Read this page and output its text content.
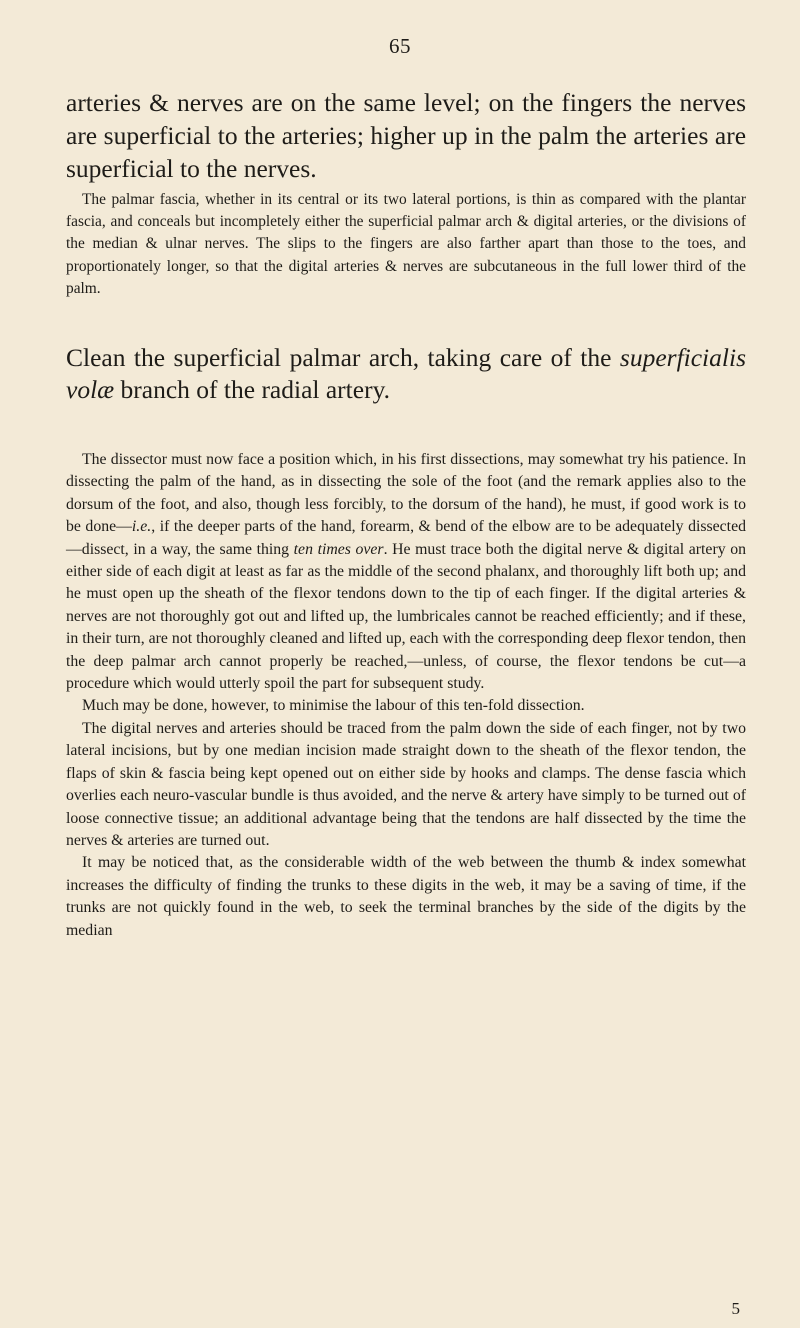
65
arteries & nerves are on the same level; on the fingers the nerves are superficial to the arteries; higher up in the palm the arteries are superficial to the nerves.

The palmar fascia, whether in its central or its two lateral portions, is thin as compared with the plantar fascia, and conceals but incompletely either the superficial palmar arch & digital arteries, or the divisions of the median & ulnar nerves. The slips to the fingers are also farther apart than those to the toes, and proportionately longer, so that the digital arteries & nerves are subcutaneous in the full lower third of the palm.

Clean the superficial palmar arch, taking care of the superficialis volæ branch of the radial artery.

The dissector must now face a position which, in his first dissections, may somewhat try his patience. In dissecting the palm of the hand, as in dissecting the sole of the foot (and the remark applies also to the dorsum of the foot, and also, though less forcibly, to the dorsum of the hand), he must, if good work is to be done—i.e., if the deeper parts of the hand, forearm, & bend of the elbow are to be adequately dissected—dissect, in a way, the same thing ten times over. He must trace both the digital nerve & digital artery on either side of each digit at least as far as the middle of the second phalanx, and thoroughly lift both up; and he must open up the sheath of the flexor tendons down to the tip of each finger. If the digital arteries & nerves are not thoroughly got out and lifted up, the lumbricales cannot be reached efficiently; and if these, in their turn, are not thoroughly cleaned and lifted up, each with the corresponding deep flexor tendon, then the deep palmar arch cannot properly be reached,—unless, of course, the flexor tendons be cut—a procedure which would utterly spoil the part for subsequent study.

Much may be done, however, to minimise the labour of this ten-fold dissection.

The digital nerves and arteries should be traced from the palm down the side of each finger, not by two lateral incisions, but by one median incision made straight down to the sheath of the flexor tendon, the flaps of skin & fascia being kept opened out on either side by hooks and clamps. The dense fascia which overlies each neuro-vascular bundle is thus avoided, and the nerve & artery have simply to be turned out of loose connective tissue; an additional advantage being that the tendons are half dissected by the time the nerves & arteries are turned out.

It may be noticed that, as the considerable width of the web between the thumb & index somewhat increases the difficulty of finding the trunks to these digits in the web, it may be a saving of time, if the trunks are not quickly found in the web, to seek the terminal branches by the side of the digits by the median

5
